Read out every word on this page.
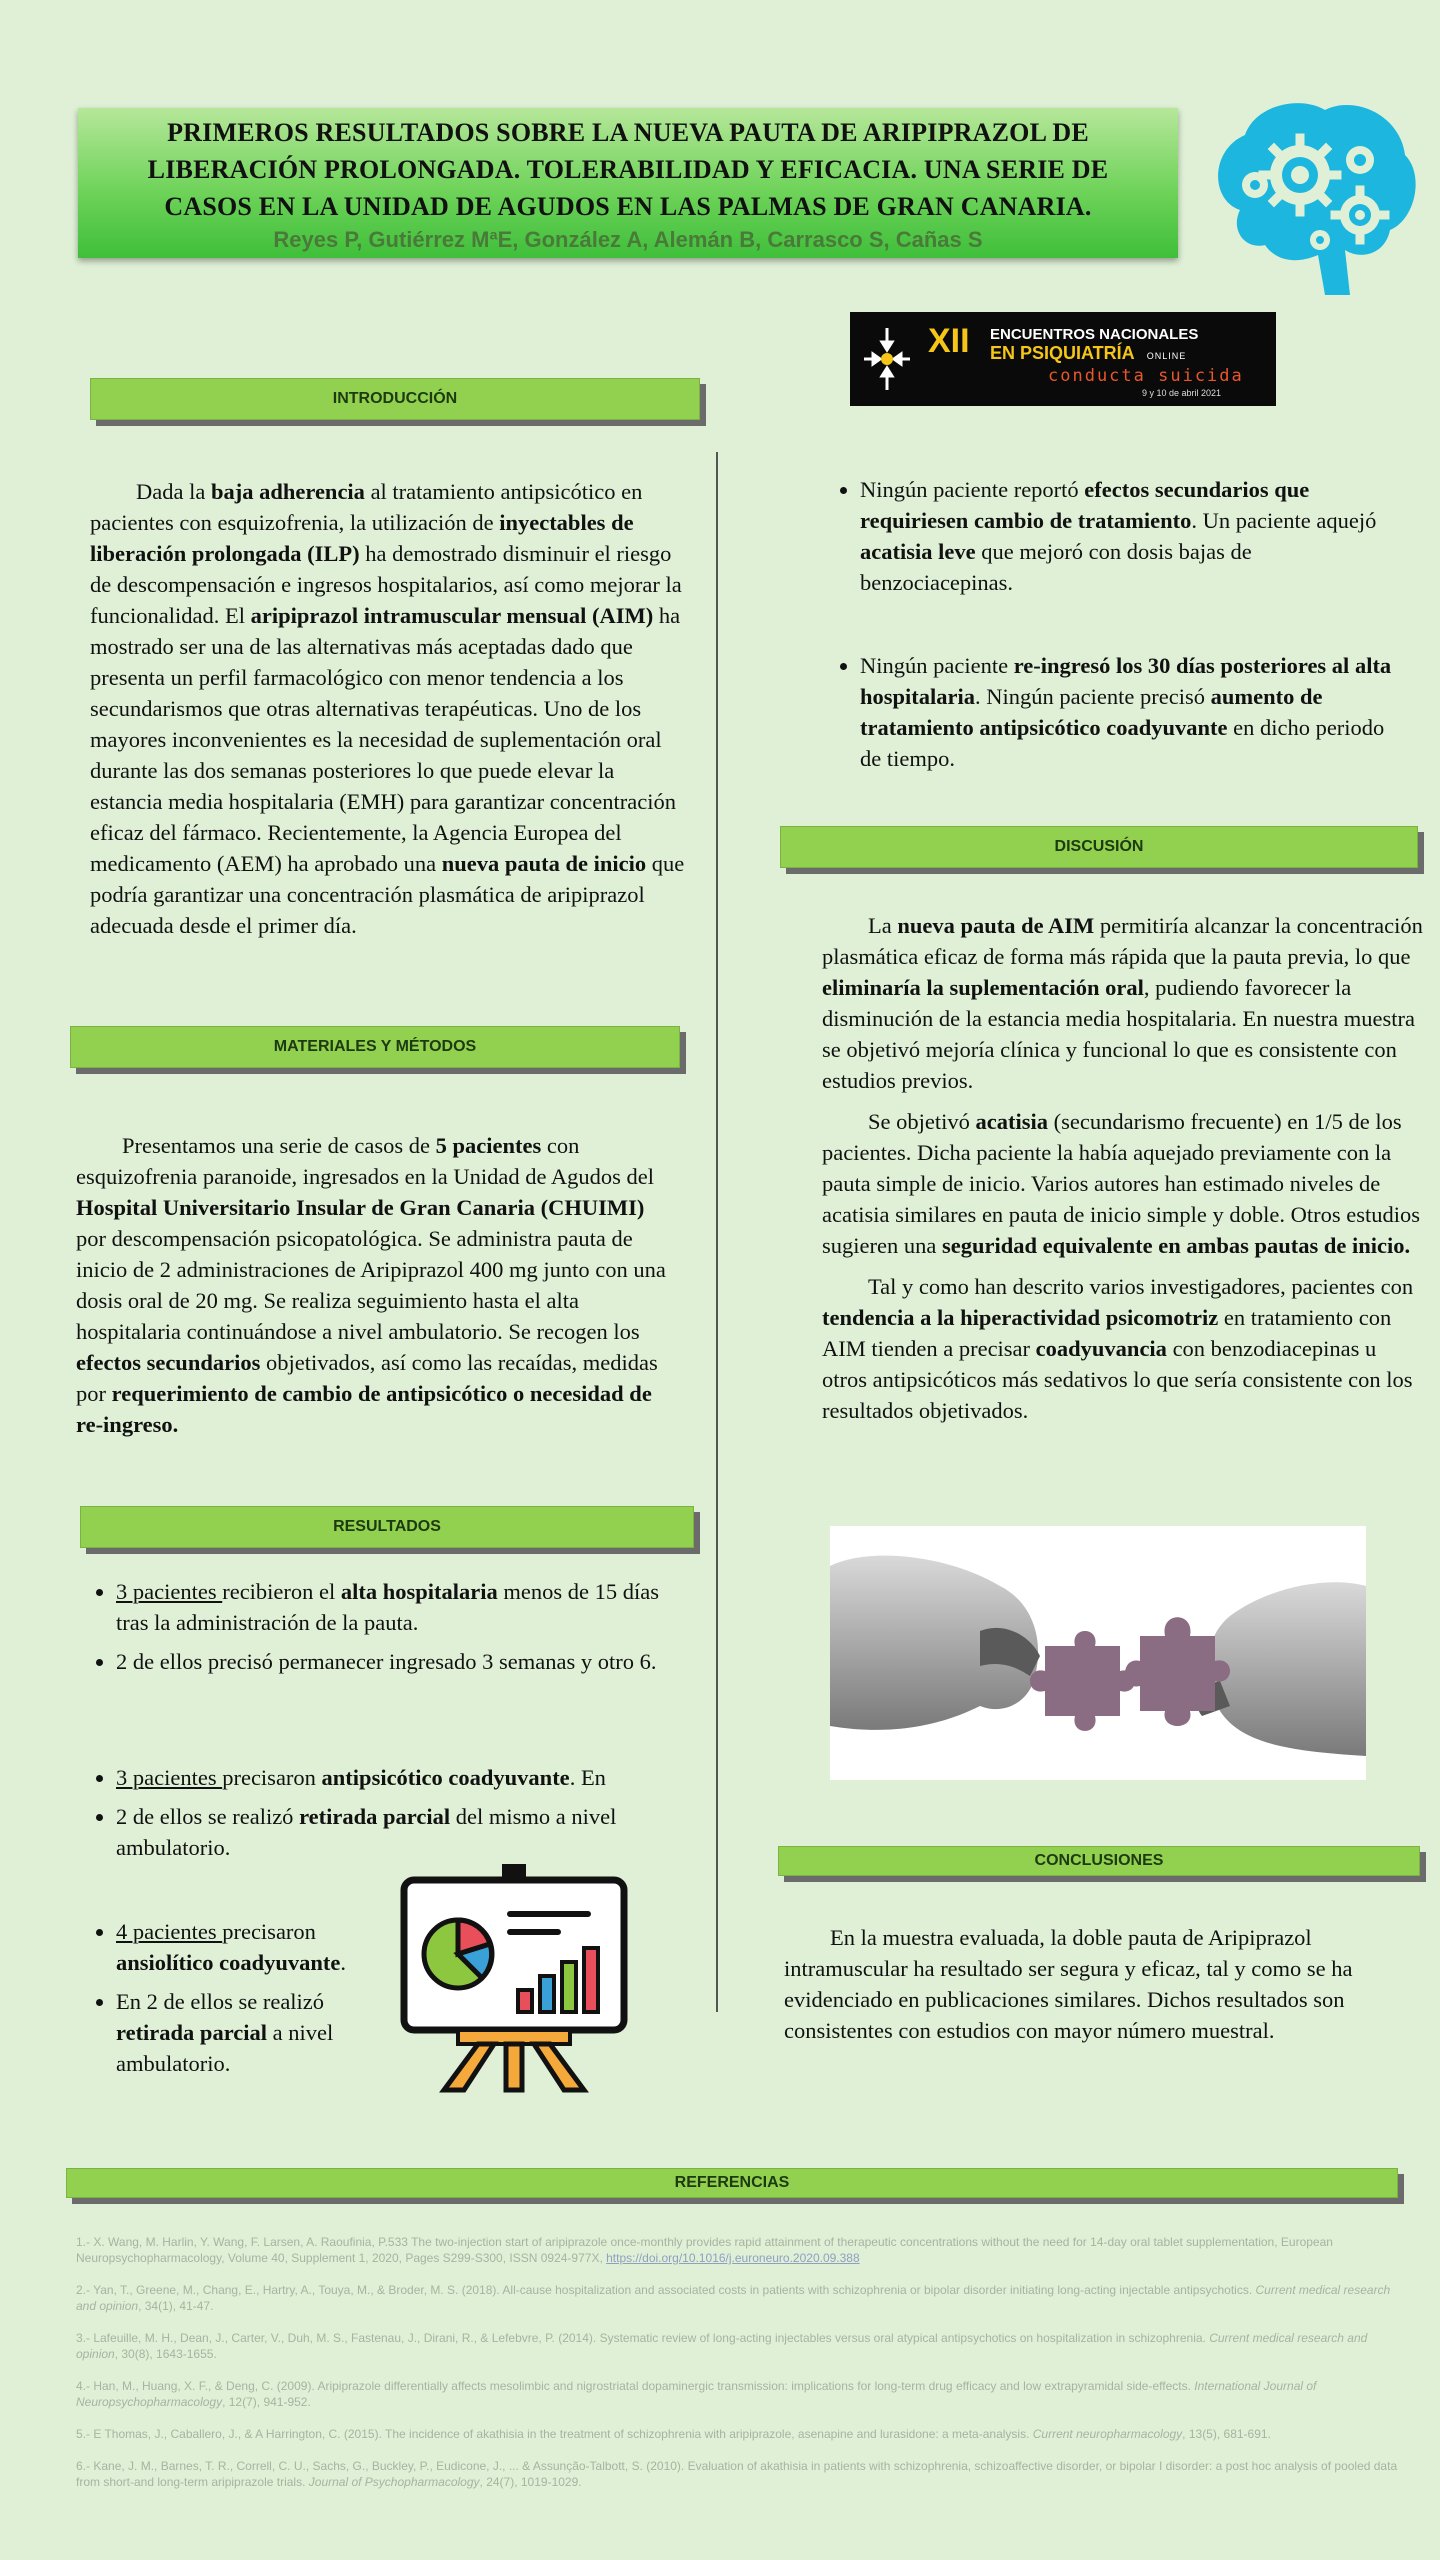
PRIMEROS RESULTADOS SOBRE LA NUEVA PAUTA DE ARIPIPRAZOL DE
LIBERACIÓN PROLONGADA. TOLERABILIDAD Y EFICACIA. UNA SERIE DE
CASOS EN LA UNIDAD DE AGUDOS EN LAS PALMAS DE GRAN CANARIA.
Reyes P, Gutiérrez MªE, González A, Alemán B, Carrasco S, Cañas S
XII ENCUENTROS NACIONALES
EN PSIQUIATRÍA ONLINE
conducta suicida
9 y 10 de abril 2021
INTRODUCCIÓN

Dada la baja adherencia al tratamiento antipsicótico en pacientes con esquizofrenia, la utilización de inyectables de liberación prolongada (ILP) ha demostrado disminuir el riesgo de descompensación e ingresos hospitalarios, así como mejorar la funcionalidad. El aripiprazol intramuscular mensual (AIM) ha mostrado ser una de las alternativas más aceptadas dado que presenta un perfil farmacológico con menor tendencia a los secundarismos que otras alternativas terapéuticas. Uno de los mayores inconvenientes es la necesidad de suplementación oral durante las dos semanas posteriores lo que puede elevar la estancia media hospitalaria (EMH) para garantizar concentración eficaz del fármaco. Recientemente, la Agencia Europea del medicamento (AEM) ha aprobado una nueva pauta de inicio que podría garantizar una concentración plasmática de aripiprazol adecuada desde el primer día.

MATERIALES Y MÉTODOS

Presentamos una serie de casos de 5 pacientes con esquizofrenia paranoide, ingresados en la Unidad de Agudos del Hospital Universitario Insular de Gran Canaria (CHUIMI) por descompensación psicopatológica. Se administra pauta de inicio de 2 administraciones de Aripiprazol 400 mg junto con una dosis oral de 20 mg. Se realiza seguimiento hasta el alta hospitalaria continuándose a nivel ambulatorio. Se recogen los efectos secundarios objetivados, así como las recaídas, medidas por requerimiento de cambio de antipsicótico o necesidad de re-ingreso.

RESULTADOS
• 3 pacientes recibieron el alta hospitalaria menos de 15 días tras la administración de la pauta.
• 2 de ellos precisó permanecer ingresado 3 semanas y otro 6.
• 3 pacientes precisaron antipsicótico coadyuvante. En
• 2 de ellos se realizó retirada parcial del mismo a nivel ambulatorio.
• 4 pacientes precisaron ansiolítico coadyuvante.
• En 2 de ellos se realizó retirada parcial a nivel ambulatorio.
• Ningún paciente reportó efectos secundarios que requiriesen cambio de tratamiento. Un paciente aquejó acatisia leve que mejoró con dosis bajas de benzociacepinas.
• Ningún paciente re-ingresó los 30 días posteriores al alta hospitalaria. Ningún paciente precisó aumento de tratamiento antipsicótico coadyuvante en dicho periodo de tiempo.
DISCUSIÓN

La nueva pauta de AIM permitiría alcanzar la concentración plasmática eficaz de forma más rápida que la pauta previa, lo que eliminaría la suplementación oral, pudiendo favorecer la disminución de la estancia media hospitalaria. En nuestra muestra se objetivó mejoría clínica y funcional lo que es consistente con estudios previos.

Se objetivó acatisia (secundarismo frecuente) en 1/5 de los pacientes. Dicha paciente la había aquejado previamente con la pauta simple de inicio. Varios autores han estimado niveles de acatisia similares en pauta de inicio simple y doble. Otros estudios sugieren una seguridad equivalente en ambas pautas de inicio.

Tal y como han descrito varios investigadores, pacientes con tendencia a la hiperactividad psicomotriz en tratamiento con AIM tienden a precisar coadyuvancia con benzodiacepinas u otros antipsicóticos más sedativos lo que sería consistente con los resultados objetivados.

CONCLUSIONES

En la muestra evaluada, la doble pauta de Aripiprazol intramuscular ha resultado ser segura y eficaz, tal y como se ha evidenciado en publicaciones similares. Dichos resultados son consistentes con estudios con mayor número muestral.

REFERENCIAS

1.- X. Wang, M. Harlin, Y. Wang, F. Larsen, A. Raoufinia, P.533 The two-injection start of aripiprazole once-monthly provides rapid attainment of therapeutic concentrations without the need for 14-day oral tablet supplementation, European Neuropsychopharmacology, Volume 40, Supplement 1, 2020, Pages S299-S300, ISSN 0924-977X, https://doi.org/10.1016/j.euroneuro.2020.09.388

2.- Yan, T., Greene, M., Chang, E., Hartry, A., Touya, M., & Broder, M. S. (2018). All-cause hospitalization and associated costs in patients with schizophrenia or bipolar disorder initiating long-acting injectable antipsychotics. Current medical research and opinion, 34(1), 41-47.

3.- Lafeuille, M. H., Dean, J., Carter, V., Duh, M. S., Fastenau, J., Dirani, R., & Lefebvre, P. (2014). Systematic review of long-acting injectables versus oral atypical antipsychotics on hospitalization in schizophrenia. Current medical research and opinion, 30(8), 1643-1655.

4.- Han, M., Huang, X. F., & Deng, C. (2009). Aripiprazole differentially affects mesolimbic and nigrostriatal dopaminergic transmission: implications for long-term drug efficacy and low extrapyramidal side-effects. International Journal of Neuropsychopharmacology, 12(7), 941-952.

5.- E Thomas, J., Caballero, J., & A Harrington, C. (2015). The incidence of akathisia in the treatment of schizophrenia with aripiprazole, asenapine and lurasidone: a meta-analysis. Current neuropharmacology, 13(5), 681-691.

6.- Kane, J. M., Barnes, T. R., Correll, C. U., Sachs, G., Buckley, P., Eudicone, J., ... & Assunção-Talbott, S. (2010). Evaluation of akathisia in patients with schizophrenia, schizoaffective disorder, or bipolar I disorder: a post hoc analysis of pooled data from short-and long-term aripiprazole trials. Journal of Psychopharmacology, 24(7), 1019-1029.
